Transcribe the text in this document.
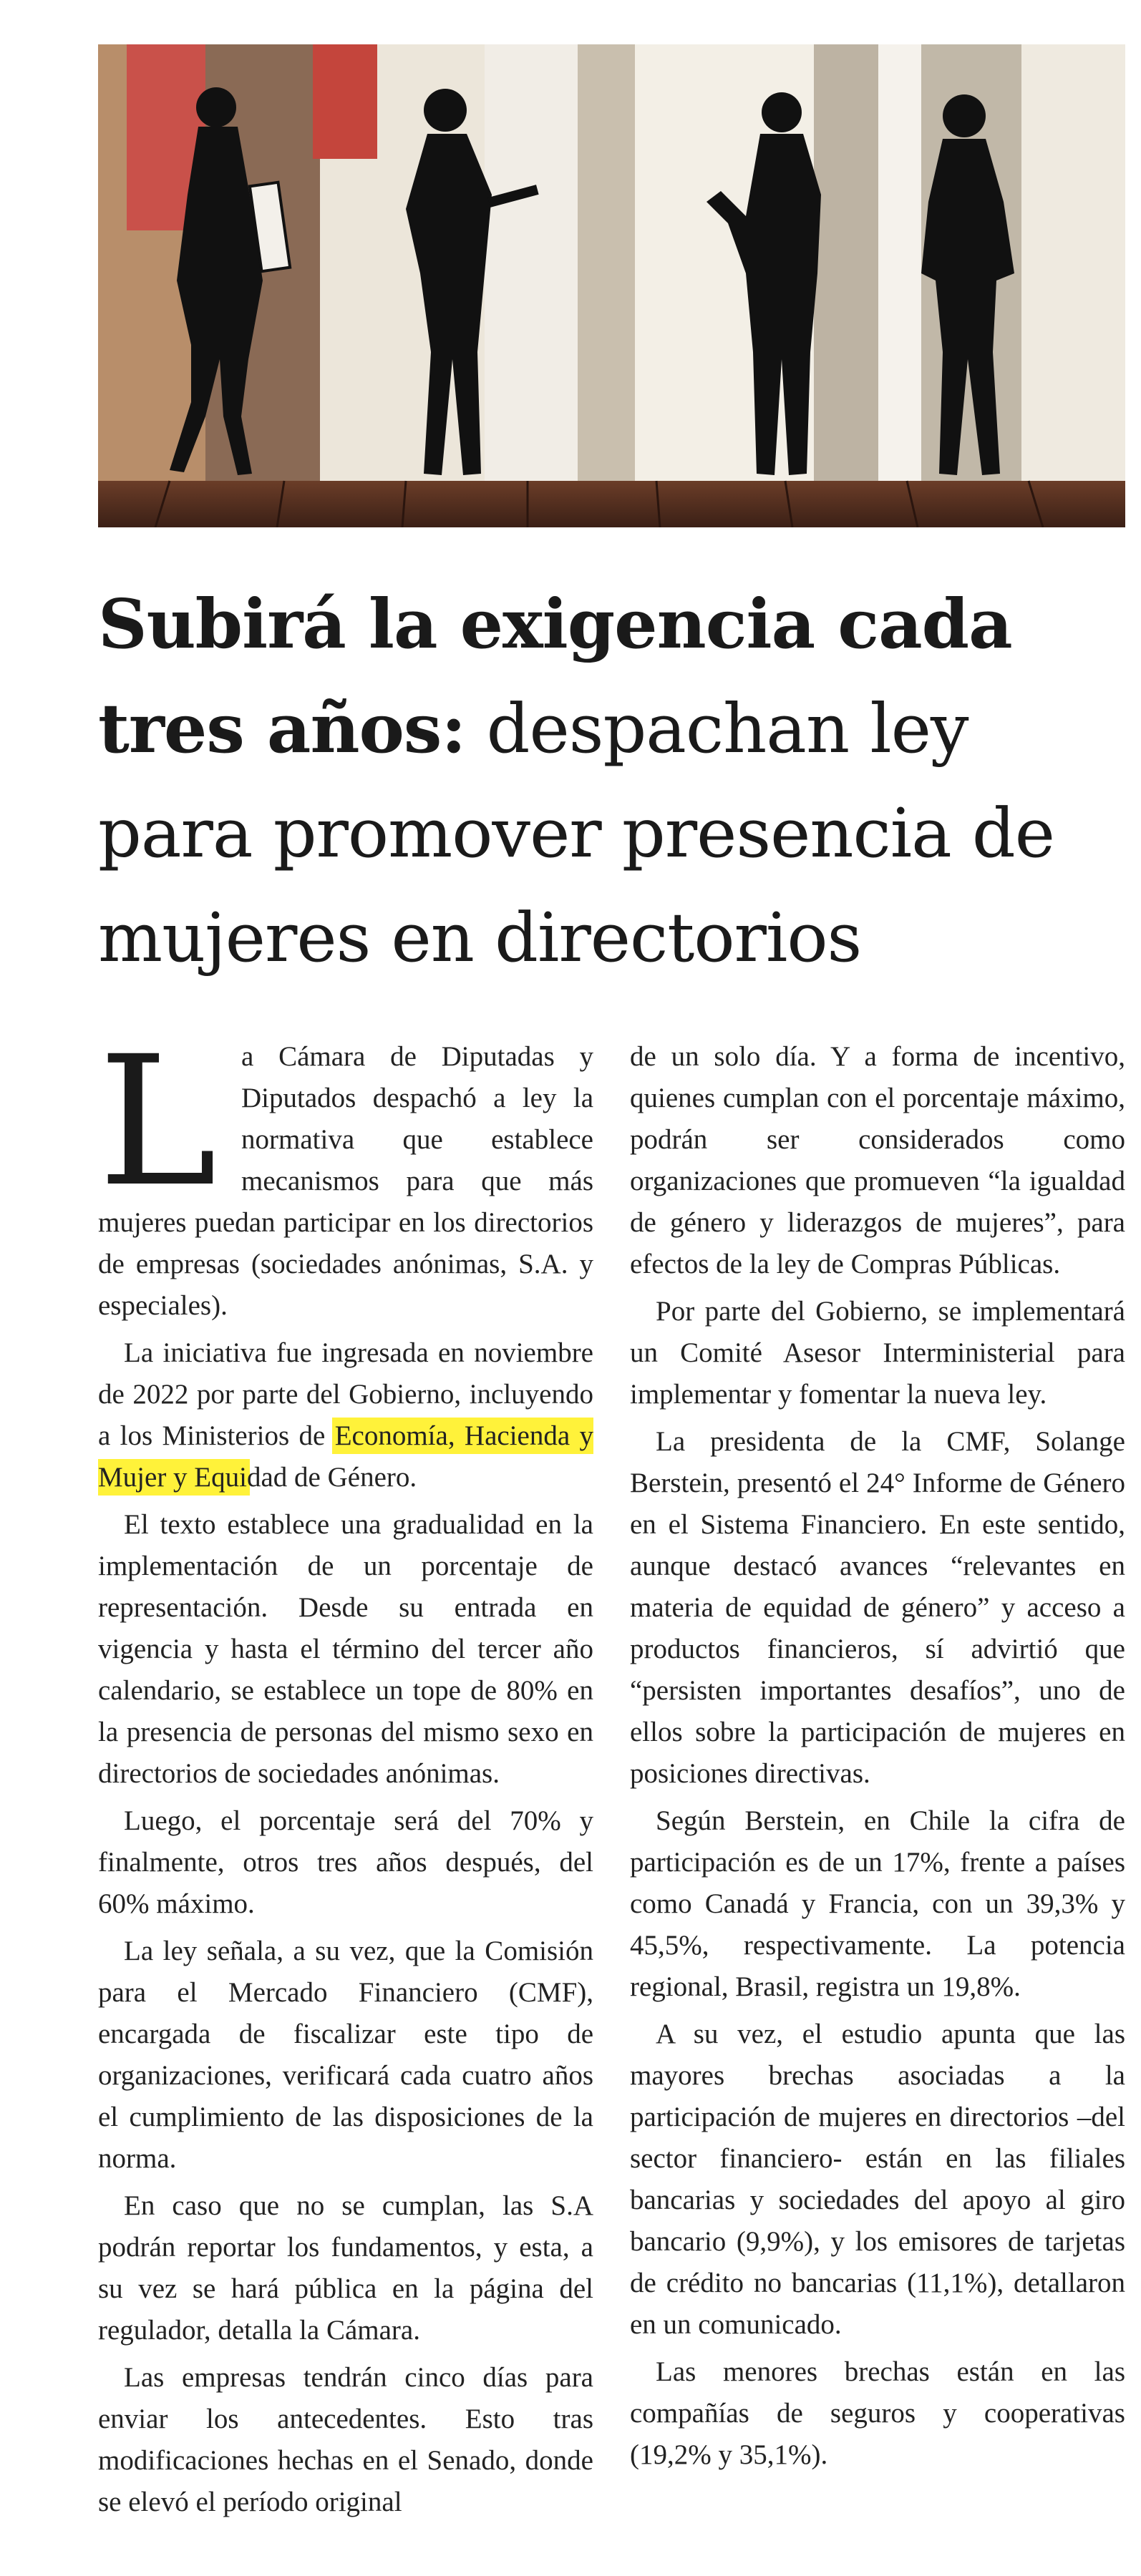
Subirá la exigencia cada tres años: despachan ley para promover presencia de mujeres en directorios

La Cámara de Diputadas y Diputados despachó a ley la normativa que establece mecanismos para que más mujeres puedan participar en los directorios de empresas (sociedades anónimas, S.A. y especiales).

La iniciativa fue ingresada en noviembre de 2022 por parte del Gobierno, incluyendo a los Ministerios de Economía, Hacienda y Mujer y Equidad de Género.

El texto establece una gradualidad en la implementación de un porcentaje de representación. Desde su entrada en vigencia y hasta el término del tercer año calendario, se establece un tope de 80% en la presencia de personas del mismo sexo en directorios de sociedades anónimas.

Luego, el porcentaje será del 70% y finalmente, otros tres años después, del 60% máximo.

La ley señala, a su vez, que la Comisión para el Mercado Financiero (CMF), encargada de fiscalizar este tipo de organizaciones, verificará cada cuatro años el cumplimiento de las disposiciones de la norma.

En caso que no se cumplan, las S.A podrán reportar los fundamentos, y esta, a su vez se hará pública en la página del regulador, detalla la Cámara.

Las empresas tendrán cinco días para enviar los antecedentes. Esto tras modificaciones hechas en el Senado, donde se elevó el período original

de un solo día. Y a forma de incentivo, quienes cumplan con el porcentaje máximo, podrán ser considerados como organizaciones que promueven “la igualdad de género y liderazgos de mujeres”, para efectos de la ley de Compras Públicas.

Por parte del Gobierno, se implementará un Comité Asesor Interministerial para implementar y fomentar la nueva ley.

La presidenta de la CMF, Solange Berstein, presentó el 24° Informe de Género en el Sistema Financiero. En este sentido, aunque destacó avances “relevantes en materia de equidad de género” y acceso a productos financieros, sí advirtió que “persisten importantes desafíos”, uno de ellos sobre la participación de mujeres en posiciones directivas.

Según Berstein, en Chile la cifra de participación es de un 17%, frente a países como Canadá y Francia, con un 39,3% y 45,5%, respectivamente. La potencia regional, Brasil, registra un 19,8%.

A su vez, el estudio apunta que las mayores brechas asociadas a la participación de mujeres en directorios –del sector financiero- están en las filiales bancarias y sociedades del apoyo al giro bancario (9,9%), y los emisores de tarjetas de crédito no bancarias (11,1%), detallaron en un comunicado.

Las menores brechas están en las compañías de seguros y cooperativas (19,2% y 35,1%).
